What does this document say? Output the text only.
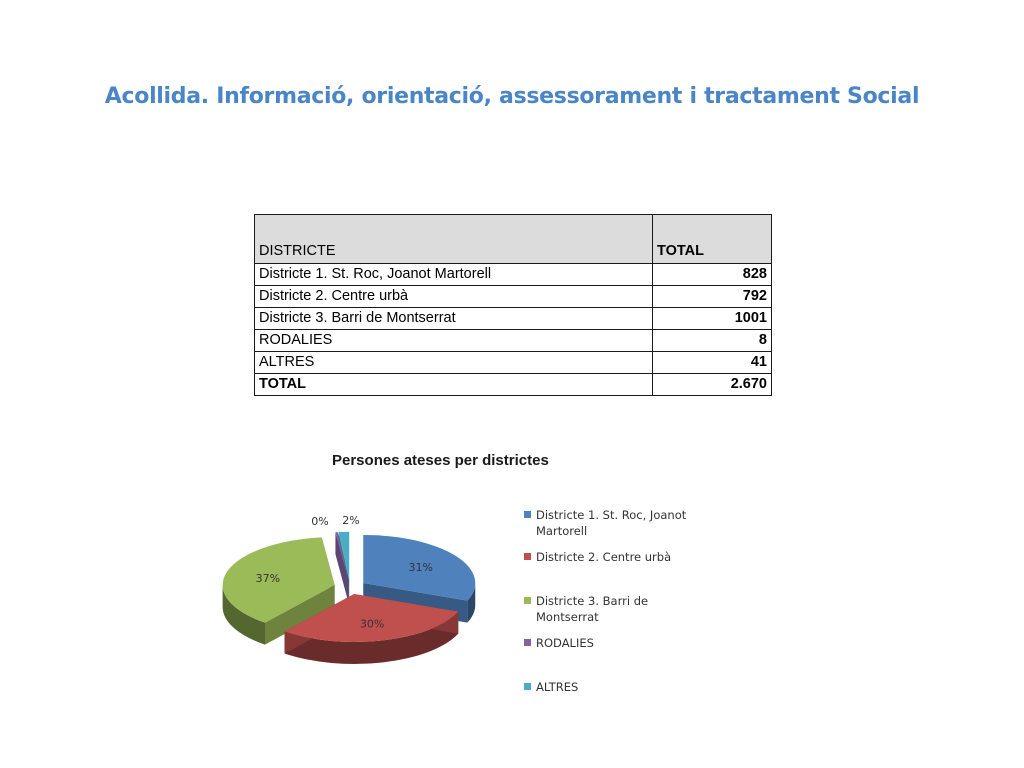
Acollida. Informació, orientació, assessorament i tractament Social
DISTRICTE	TOTAL
Districte 1. St. Roc, Joanot Martorell	828
Districte 2. Centre urbà	792
Districte 3. Barri de Montserrat	1001
RODALIES	8
ALTRES	41
TOTAL	2.670
Persones ateses per districtes
31%
30%
37%
0% 2%	Districte 1. St. Roc, Joanot Martorell
Districte 2. Centre urbà
Districte 3. Barri de Montserrat
RODALIES
ALTRES
